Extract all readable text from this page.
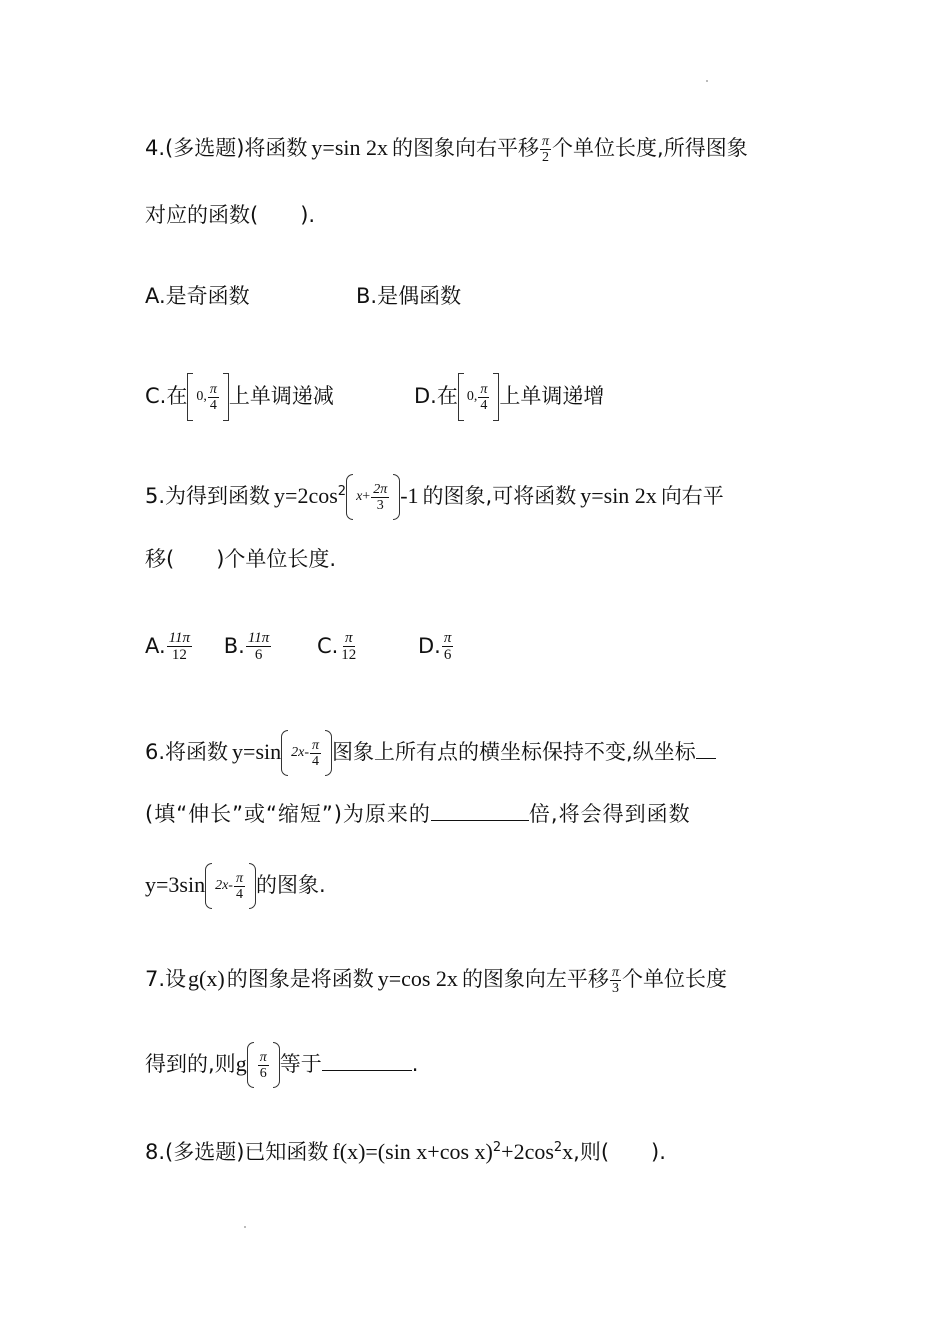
4.(多选题)将函数 y=sin 2x 的图象向右平移 $\frac{\pi}{2}$ 个单位长度,所得图象
对应的函数(　　).
A.是奇函数	B.是偶函数
C.在 0, $\frac{\pi}{4}$ 上单调递减	D.在 0, $\frac{\pi}{4}$ 上单调递增
5.为得到函数 $y=2\cos^2$ $x + \frac{2\pi}{3} -1$ 的图象,可将函数 y=sin 2x 向右平
移(　　)个单位长度.
A. $\frac{11\pi}{12} B$. $\frac{11\pi}{6} C$. $\frac{\pi}{12}$	D. $\frac{\pi}{6}$
6.将函数 y=sin $2x- \frac{\pi}{4}$ 图象上所有点的横坐标保持不变,纵坐标
(填“伸长”或“缩短”)为原来的	倍,将会得到函数
y=3sin $2x- \frac{\pi}{4}$ 的图象.
7.设g(x)的图象是将函数 y=cos 2x 的图象向左平移 $\frac{\pi}{3}$ 个单位长度
得到的,则g $\frac{\pi}{6}$ 等于	.
8.(多选题)已知函数 f(x)=(sin x+cos $x)^2+2\cos^2x$,则(　　).
